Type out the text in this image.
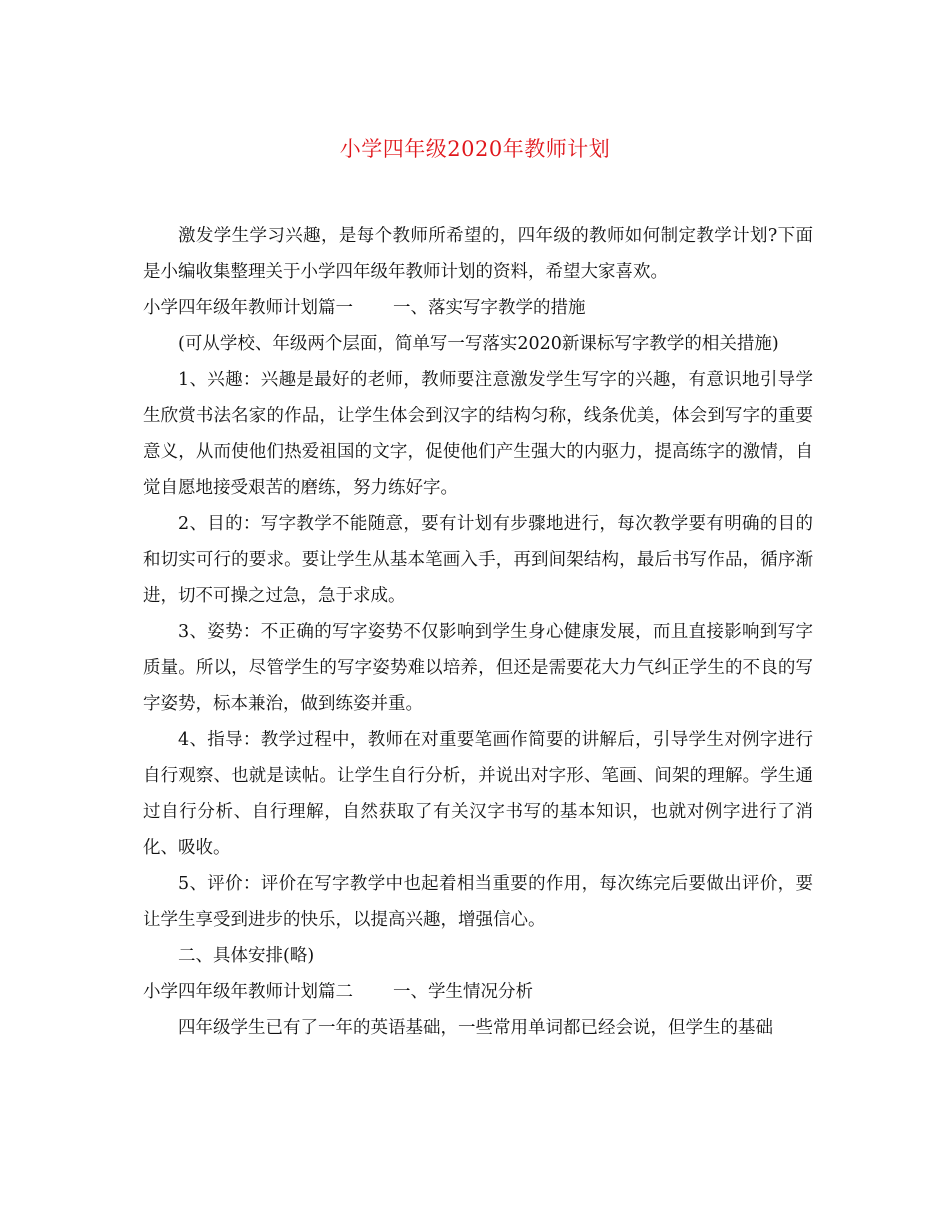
小学四年级2020年教师计划

激发学生学习兴趣，是每个教师所希望的，四年级的教师如何制定教学计划?下面是小编收集整理关于小学四年级年教师计划的资料，希望大家喜欢。

小学四年级年教师计划篇一 一、落实写字教学的措施

(可从学校、年级两个层面，简单写一写落实2020新课标写字教学的相关措施)

1、兴趣：兴趣是最好的老师，教师要注意激发学生写字的兴趣，有意识地引导学生欣赏书法名家的作品，让学生体会到汉字的结构匀称，线条优美，体会到写字的重要意义，从而使他们热爱祖国的文字，促使他们产生强大的内驱力，提高练字的激情，自觉自愿地接受艰苦的磨练，努力练好字。

2、目的：写字教学不能随意，要有计划有步骤地进行，每次教学要有明确的目的和切实可行的要求。要让学生从基本笔画入手，再到间架结构，最后书写作品，循序渐进，切不可操之过急，急于求成。

3、姿势：不正确的写字姿势不仅影响到学生身心健康发展，而且直接影响到写字质量。所以，尽管学生的写字姿势难以培养，但还是需要花大力气纠正学生的不良的写字姿势，标本兼治，做到练姿并重。

4、指导：教学过程中，教师在对重要笔画作简要的讲解后，引导学生对例字进行自行观察、也就是读帖。让学生自行分析，并说出对字形、笔画、间架的理解。学生通过自行分析、自行理解，自然获取了有关汉字书写的基本知识，也就对例字进行了消化、吸收。

5、评价：评价在写字教学中也起着相当重要的作用，每次练完后要做出评价，要让学生享受到进步的快乐，以提高兴趣，增强信心。

二、具体安排(略)

小学四年级年教师计划篇二 一、学生情况分析

四年级学生已有了一年的英语基础，一些常用单词都已经会说，但学生的基础
